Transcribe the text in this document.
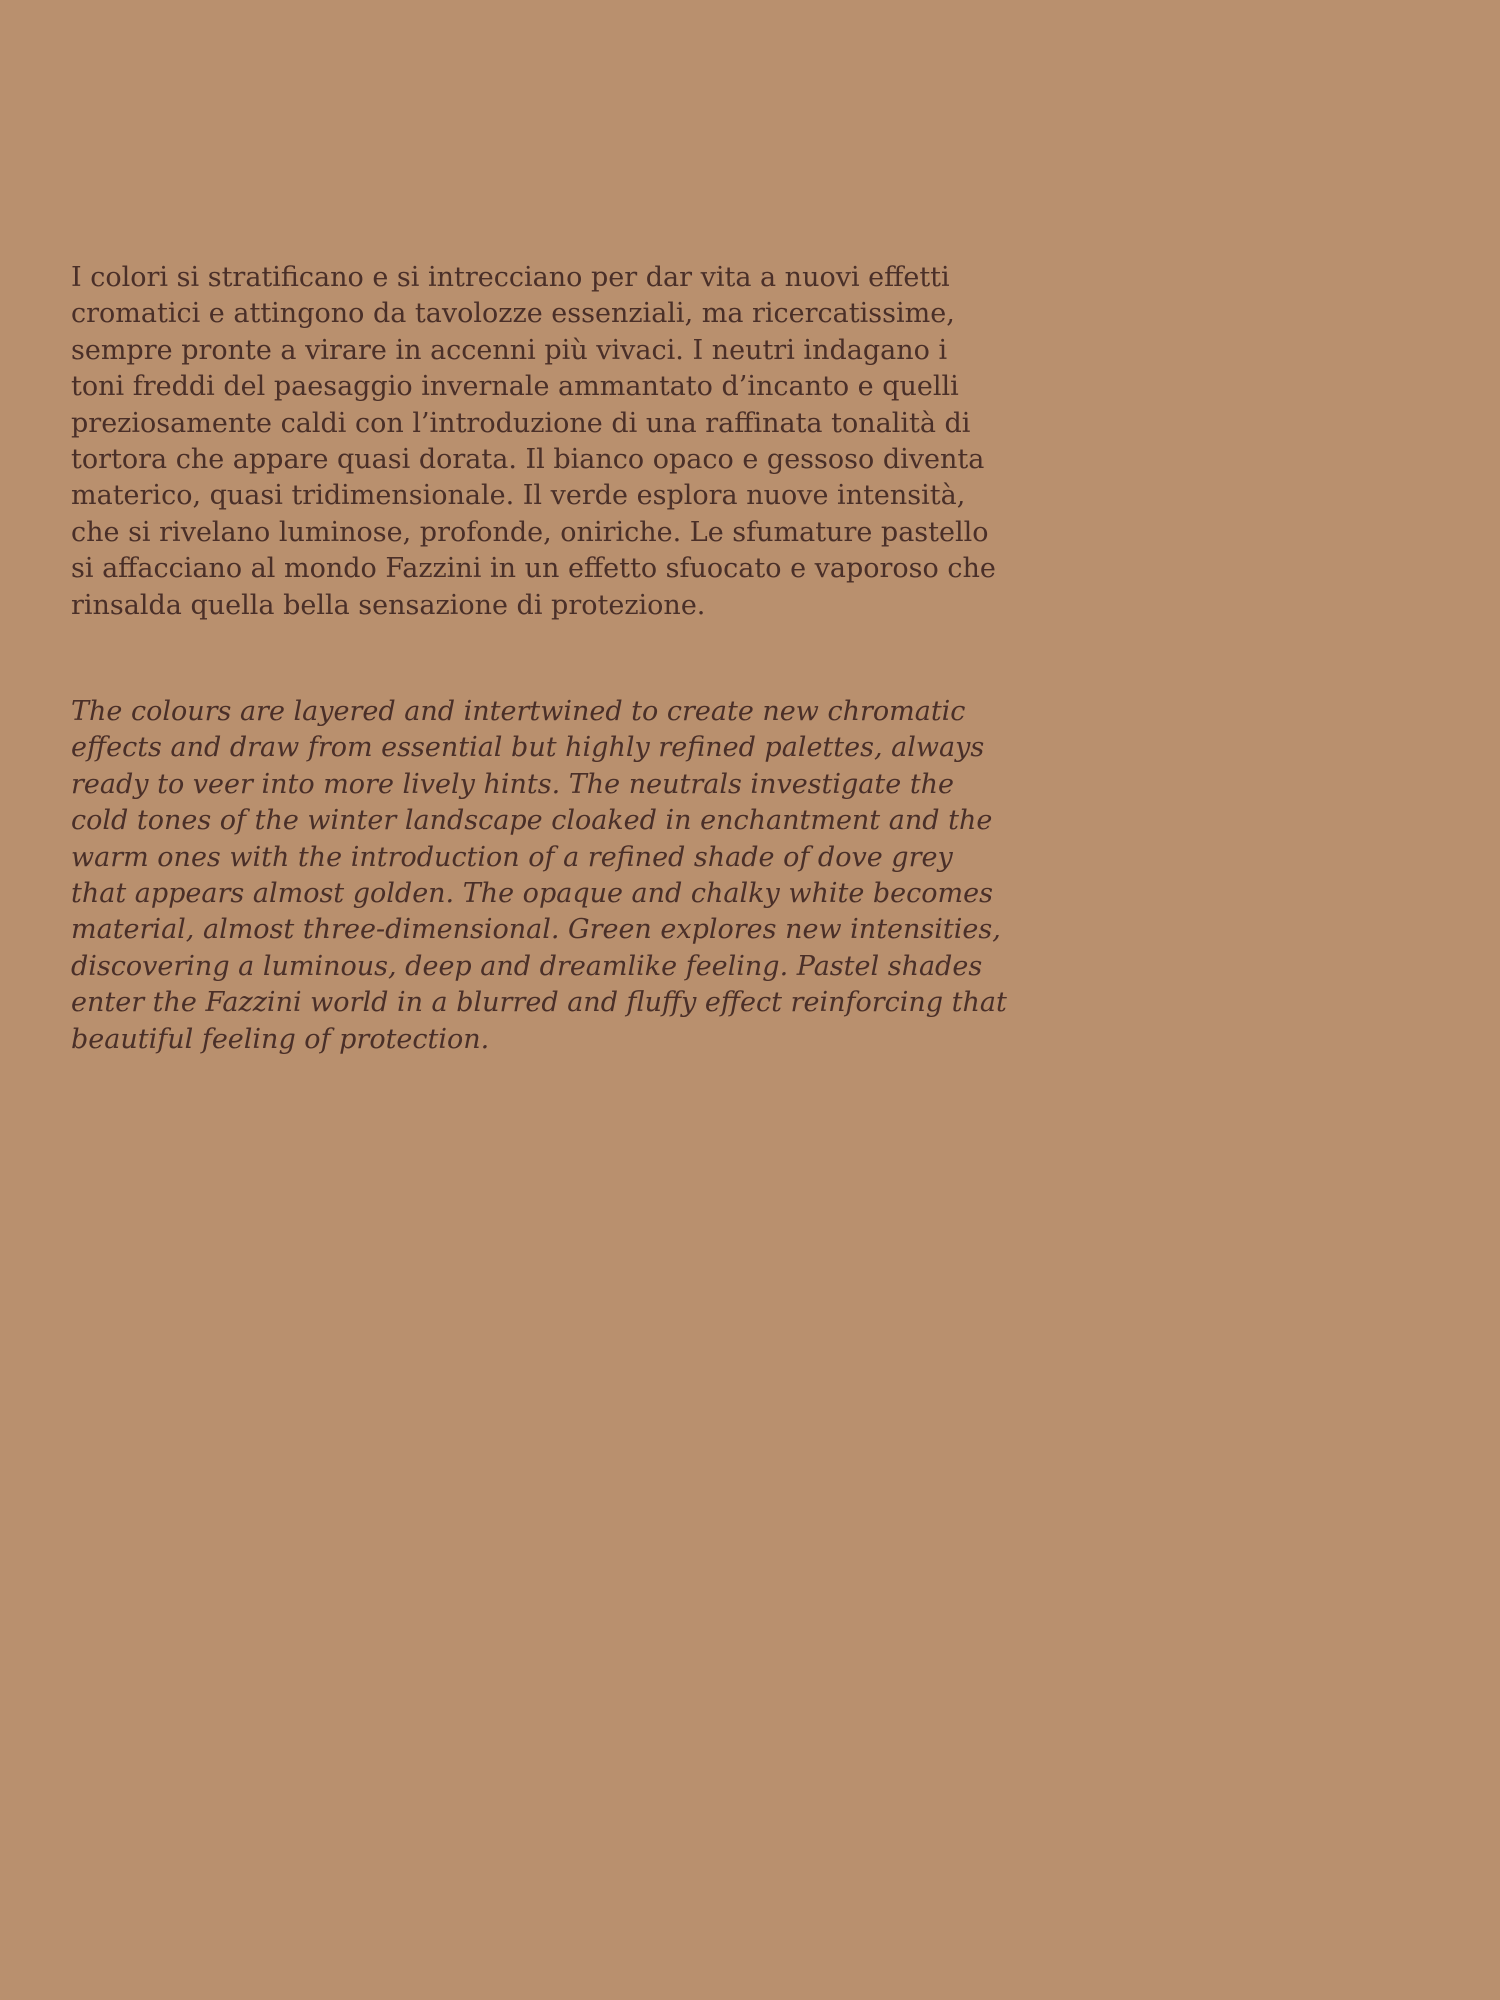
I colori si stratificano e si intrecciano per dar vita a nuovi effetti
cromatici e attingono da tavolozze essenziali, ma ricercatissime,
sempre pronte a virare in accenni più vivaci. I neutri indagano i
toni freddi del paesaggio invernale ammantato d’incanto e quelli
preziosamente caldi con l’introduzione di una raffinata tonalità di
tortora che appare quasi dorata. Il bianco opaco e gessoso diventa
materico, quasi tridimensionale. Il verde esplora nuove intensità,
che si rivelano luminose, profonde, oniriche. Le sfumature pastello
si affacciano al mondo Fazzini in un effetto sfuocato e vaporoso che
rinsalda quella bella sensazione di protezione.

The colours are layered and intertwined to create new chromatic
effects and draw from essential but highly refined palettes, always
ready to veer into more lively hints. The neutrals investigate the
cold tones of the winter landscape cloaked in enchantment and the
warm ones with the introduction of a refined shade of dove grey
that appears almost golden. The opaque and chalky white becomes
material, almost three-dimensional. Green explores new intensities,
discovering a luminous, deep and dreamlike feeling. Pastel shades
enter the Fazzini world in a blurred and fluffy effect reinforcing that
beautiful feeling of protection.
